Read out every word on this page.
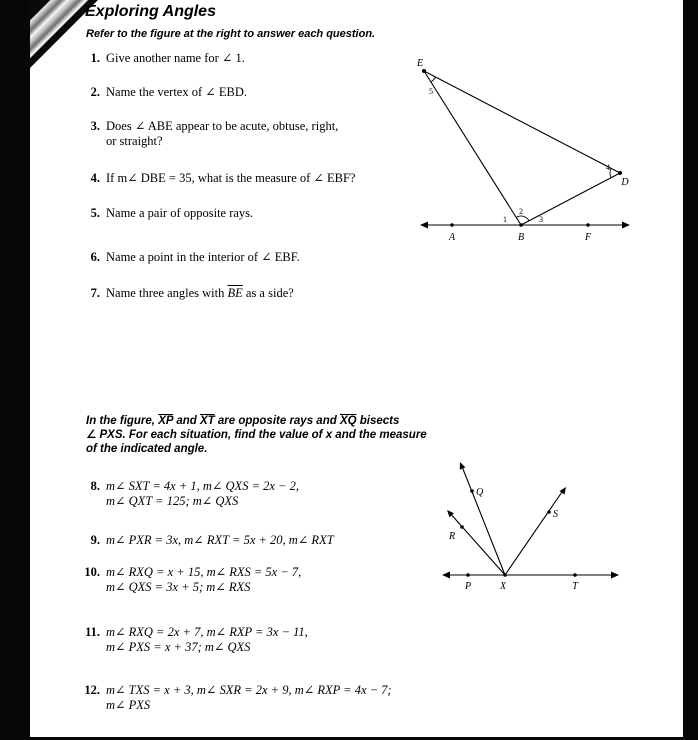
Exploring Angles
Refer to the figure at the right to answer each question.
1. Give another name for ∠ 1.
2. Name the vertex of ∠ EBD.
3. Does ∠ ABE appear to be acute, obtuse, right,
or straight?
4. If m∠ DBE = 35, what is the measure of ∠ EBF?
5. Name a pair of opposite rays.
6. Name a point in the interior of ∠ EBF.
7. Name three angles with $\overline{BE}$ as a side?
E
D
A	B	F
5
4
1
2
3
In the figure, $\overline{XP}$ and $\overline{XT}$ are opposite rays and $\overline{XQ}$ bisects
∠ PXS. For each situation, find the value of x and the measure
of the indicated angle.
8. m∠ SXT = 4x + 1, m∠ QXS = 2x − 2,
m∠ QXT = 125; m∠ QXS
9. m∠ PXR = 3x, m∠ RXT = 5x + 20, m∠ RXT
10. m∠ RXQ = x + 15, m∠ RXS = 5x − 7,
m∠ QXS = 3x + 5; m∠ RXS
11. m∠ RXQ = 2x + 7, m∠ RXP = 3x − 11,
m∠ PXS = x + 37; m∠ QXS
12. m∠ TXS = x + 3, m∠ SXR = 2x + 9, m∠ RXP = 4x − 7;
m∠ PXS
P	X	T
Q
R
S
